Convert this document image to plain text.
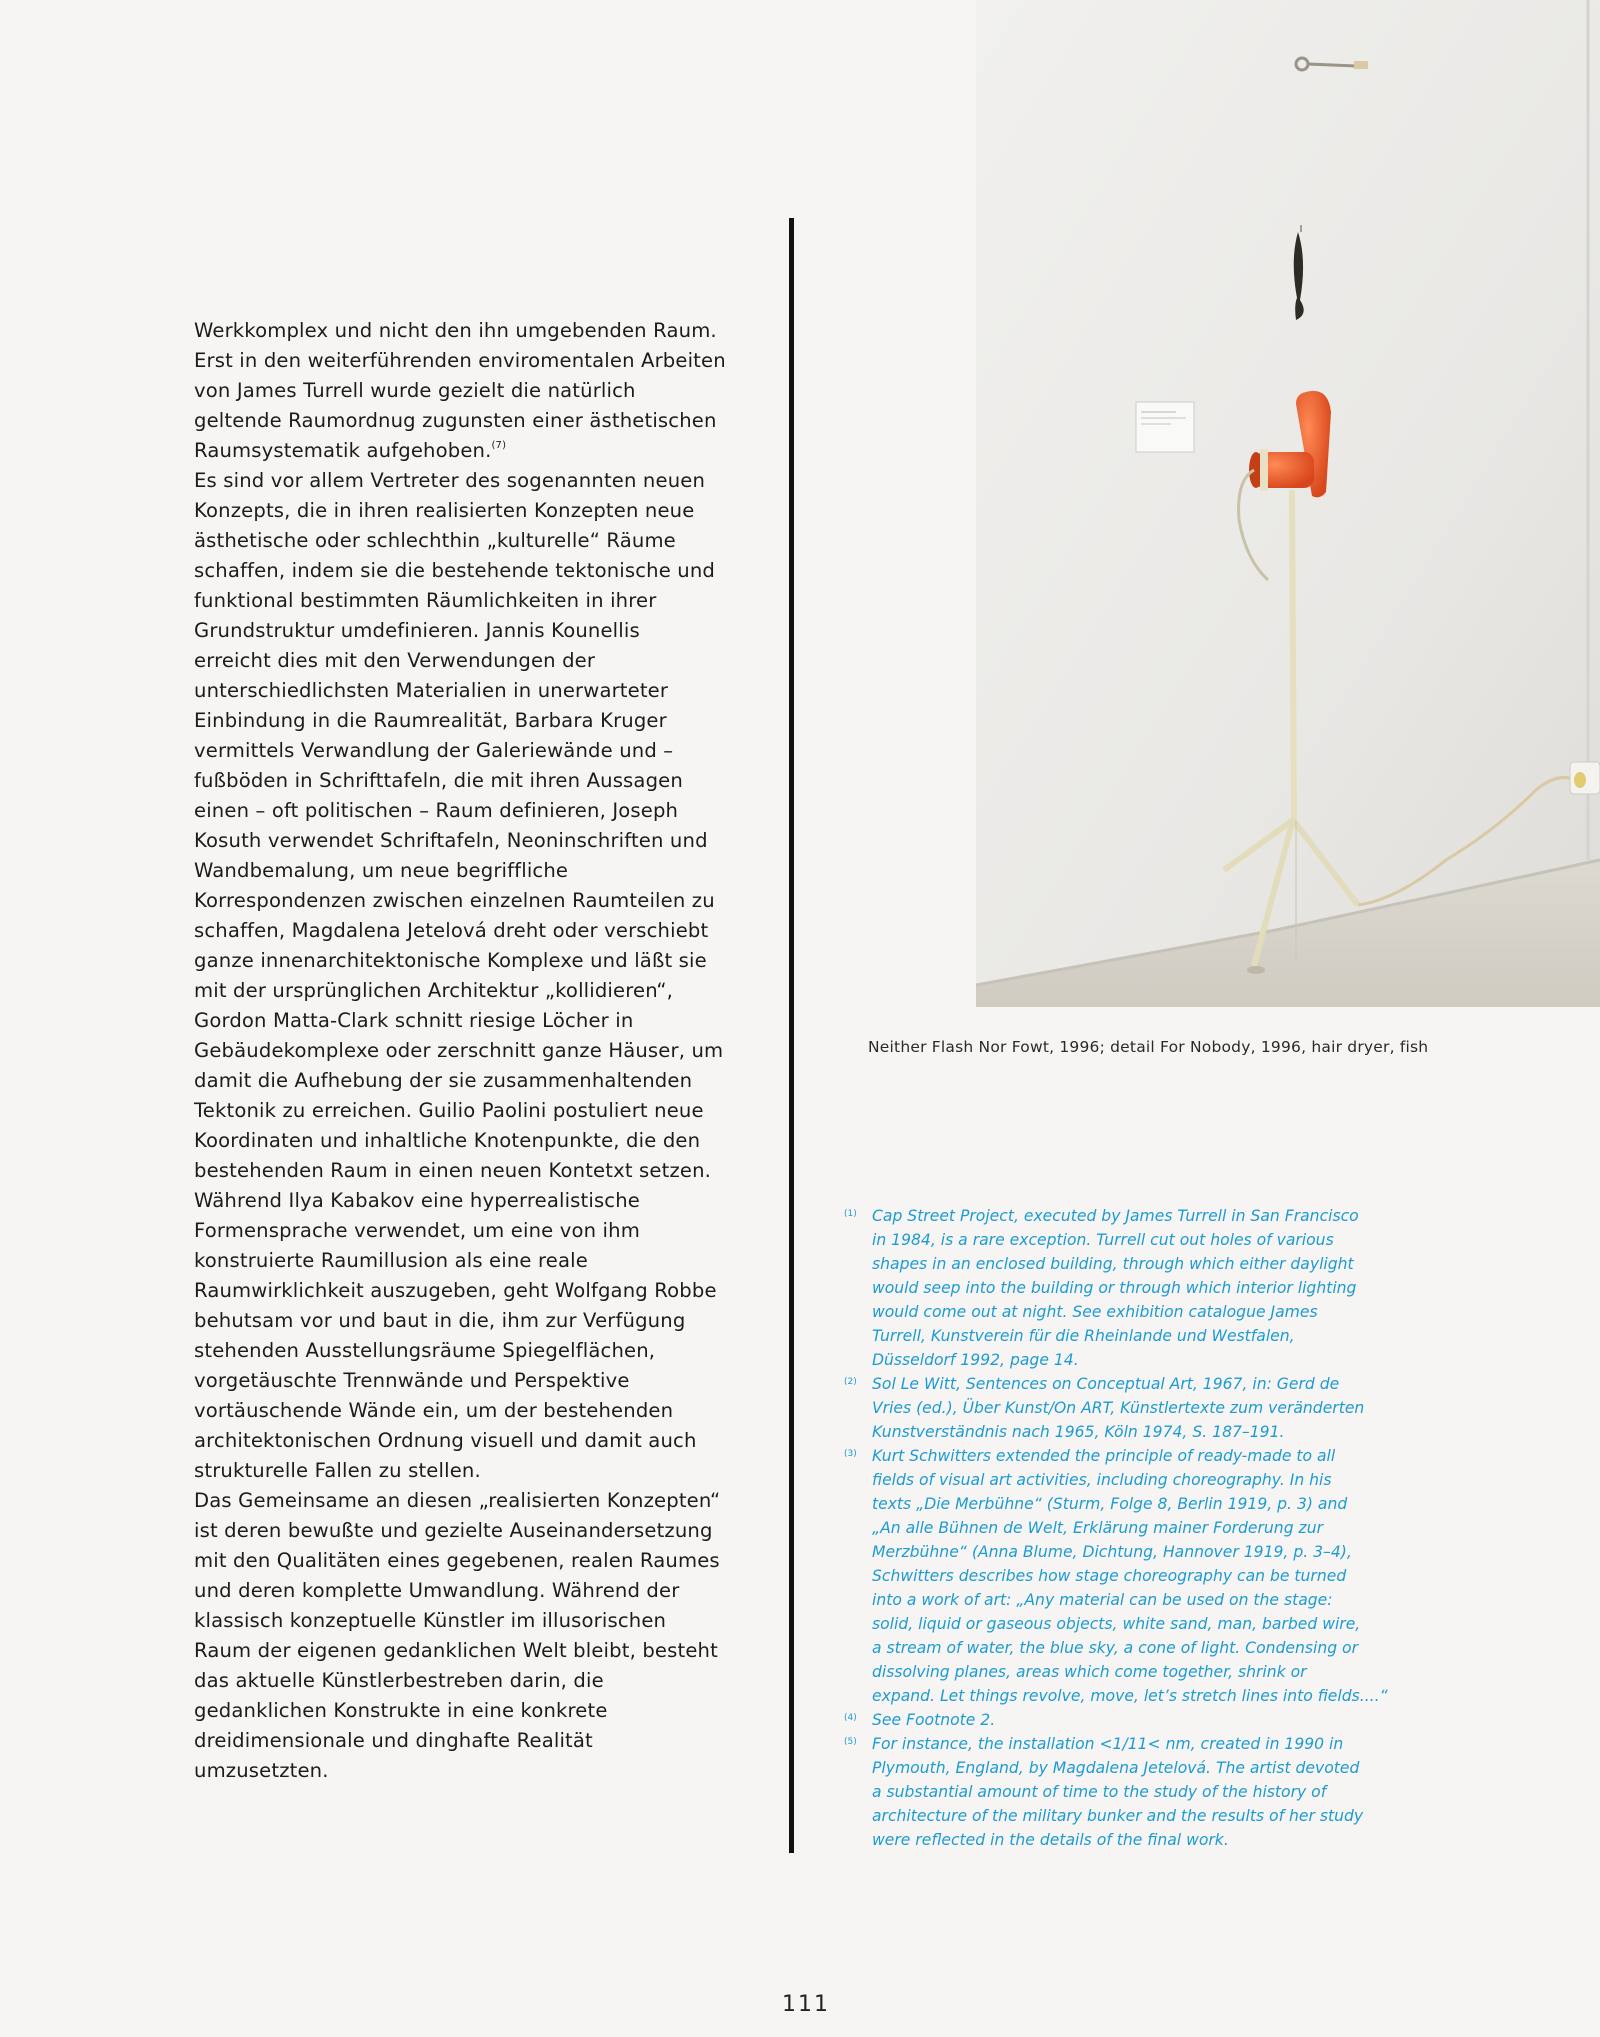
Werkkomplex und nicht den ihn umgebenden Raum.
Erst in den weiterführenden enviromentalen Arbeiten
von James Turrell wurde gezielt die natürlich
geltende Raumordnug zugunsten einer ästhetischen
Raumsystematik aufgehoben.$^{(7)}$
Es sind vor allem Vertreter des sogenannten neuen
Konzepts, die in ihren realisierten Konzepten neue
ästhetische oder schlechthin „kulturelle“ Räume
schaffen, indem sie die bestehende tektonische und
funktional bestimmten Räumlichkeiten in ihrer
Grundstruktur umdefinieren. Jannis Kounellis
erreicht dies mit den Verwendungen der
unterschiedlichsten Materialien in unerwarteter
Einbindung in die Raumrealität, Barbara Kruger
vermittels Verwandlung der Galeriewände und –
fußböden in Schrifttafeln, die mit ihren Aussagen
einen – oft politischen – Raum definieren, Joseph
Kosuth verwendet Schriftafeln, Neoninschriften und
Wandbemalung, um neue begriffliche
Korrespondenzen zwischen einzelnen Raumteilen zu
schaffen, Magdalena Jetelová dreht oder verschiebt
ganze innenarchitektonische Komplexe und läßt sie
mit der ursprünglichen Architektur „kollidieren“,
Gordon Matta-Clark schnitt riesige Löcher in
Gebäudekomplexe oder zerschnitt ganze Häuser, um
damit die Aufhebung der sie zusammenhaltenden
Tektonik zu erreichen. Guilio Paolini postuliert neue
Koordinaten und inhaltliche Knotenpunkte, die den
bestehenden Raum in einen neuen Kontetxt setzen.
Während Ilya Kabakov eine hyperrealistische
Formensprache verwendet, um eine von ihm
konstruierte Raumillusion als eine reale
Raumwirklichkeit auszugeben, geht Wolfgang Robbe
behutsam vor und baut in die, ihm zur Verfügung
stehenden Ausstellungsräume Spiegelflächen,
vorgetäuschte Trennwände und Perspektive
vortäuschende Wände ein, um der bestehenden
architektonischen Ordnung visuell und damit auch
strukturelle Fallen zu stellen.
Das Gemeinsame an diesen „realisierten Konzepten“
ist deren bewußte und gezielte Auseinandersetzung
mit den Qualitäten eines gegebenen, realen Raumes
und deren komplette Umwandlung. Während der
klassisch konzeptuelle Künstler im illusorischen
Raum der eigenen gedanklichen Welt bleibt, besteht
das aktuelle Künstlerbestreben darin, die
gedanklichen Konstrukte in eine konkrete
dreidimensionale und dinghafte Realität
umzusetzten.
Neither Flash Nor Fowt, 1996; detail For Nobody, 1996, hair dryer, fish
(1) Cap Street Project, executed by James Turrell in San Francisco
in 1984, is a rare exception. Turrell cut out holes of various
shapes in an enclosed building, through which either daylight
would seep into the building or through which interior lighting
would come out at night. See exhibition catalogue James
Turrell, Kunstverein für die Rheinlande und Westfalen,
Düsseldorf 1992, page 14.
(2) Sol Le Witt, Sentences on Conceptual Art, 1967, in: Gerd de
Vries (ed.), Über Kunst/On ART, Künstlertexte zum veränderten
Kunstverständnis nach 1965, Köln 1974, S. 187–191.
(3) Kurt Schwitters extended the principle of ready-made to all
fields of visual art activities, including choreography. In his
texts „Die Merbühne“ (Sturm, Folge 8, Berlin 1919, p. 3) and
„An alle Bühnen de Welt, Erklärung mainer Forderung zur
Merzbühne“ (Anna Blume, Dichtung, Hannover 1919, p. 3–4),
Schwitters describes how stage choreography can be turned
into a work of art: „Any material can be used on the stage:
solid, liquid or gaseous objects, white sand, man, barbed wire,
a stream of water, the blue sky, a cone of light. Condensing or
dissolving planes, areas which come together, shrink or
expand. Let things revolve, move, let’s stretch lines into fields....“
(4) See Footnote 2.
(5) For instance, the installation <1/11< nm, created in 1990 in
Plymouth, England, by Magdalena Jetelová. The artist devoted
a substantial amount of time to the study of the history of
architecture of the military bunker and the results of her study
were reflected in the details of the final work.
111
